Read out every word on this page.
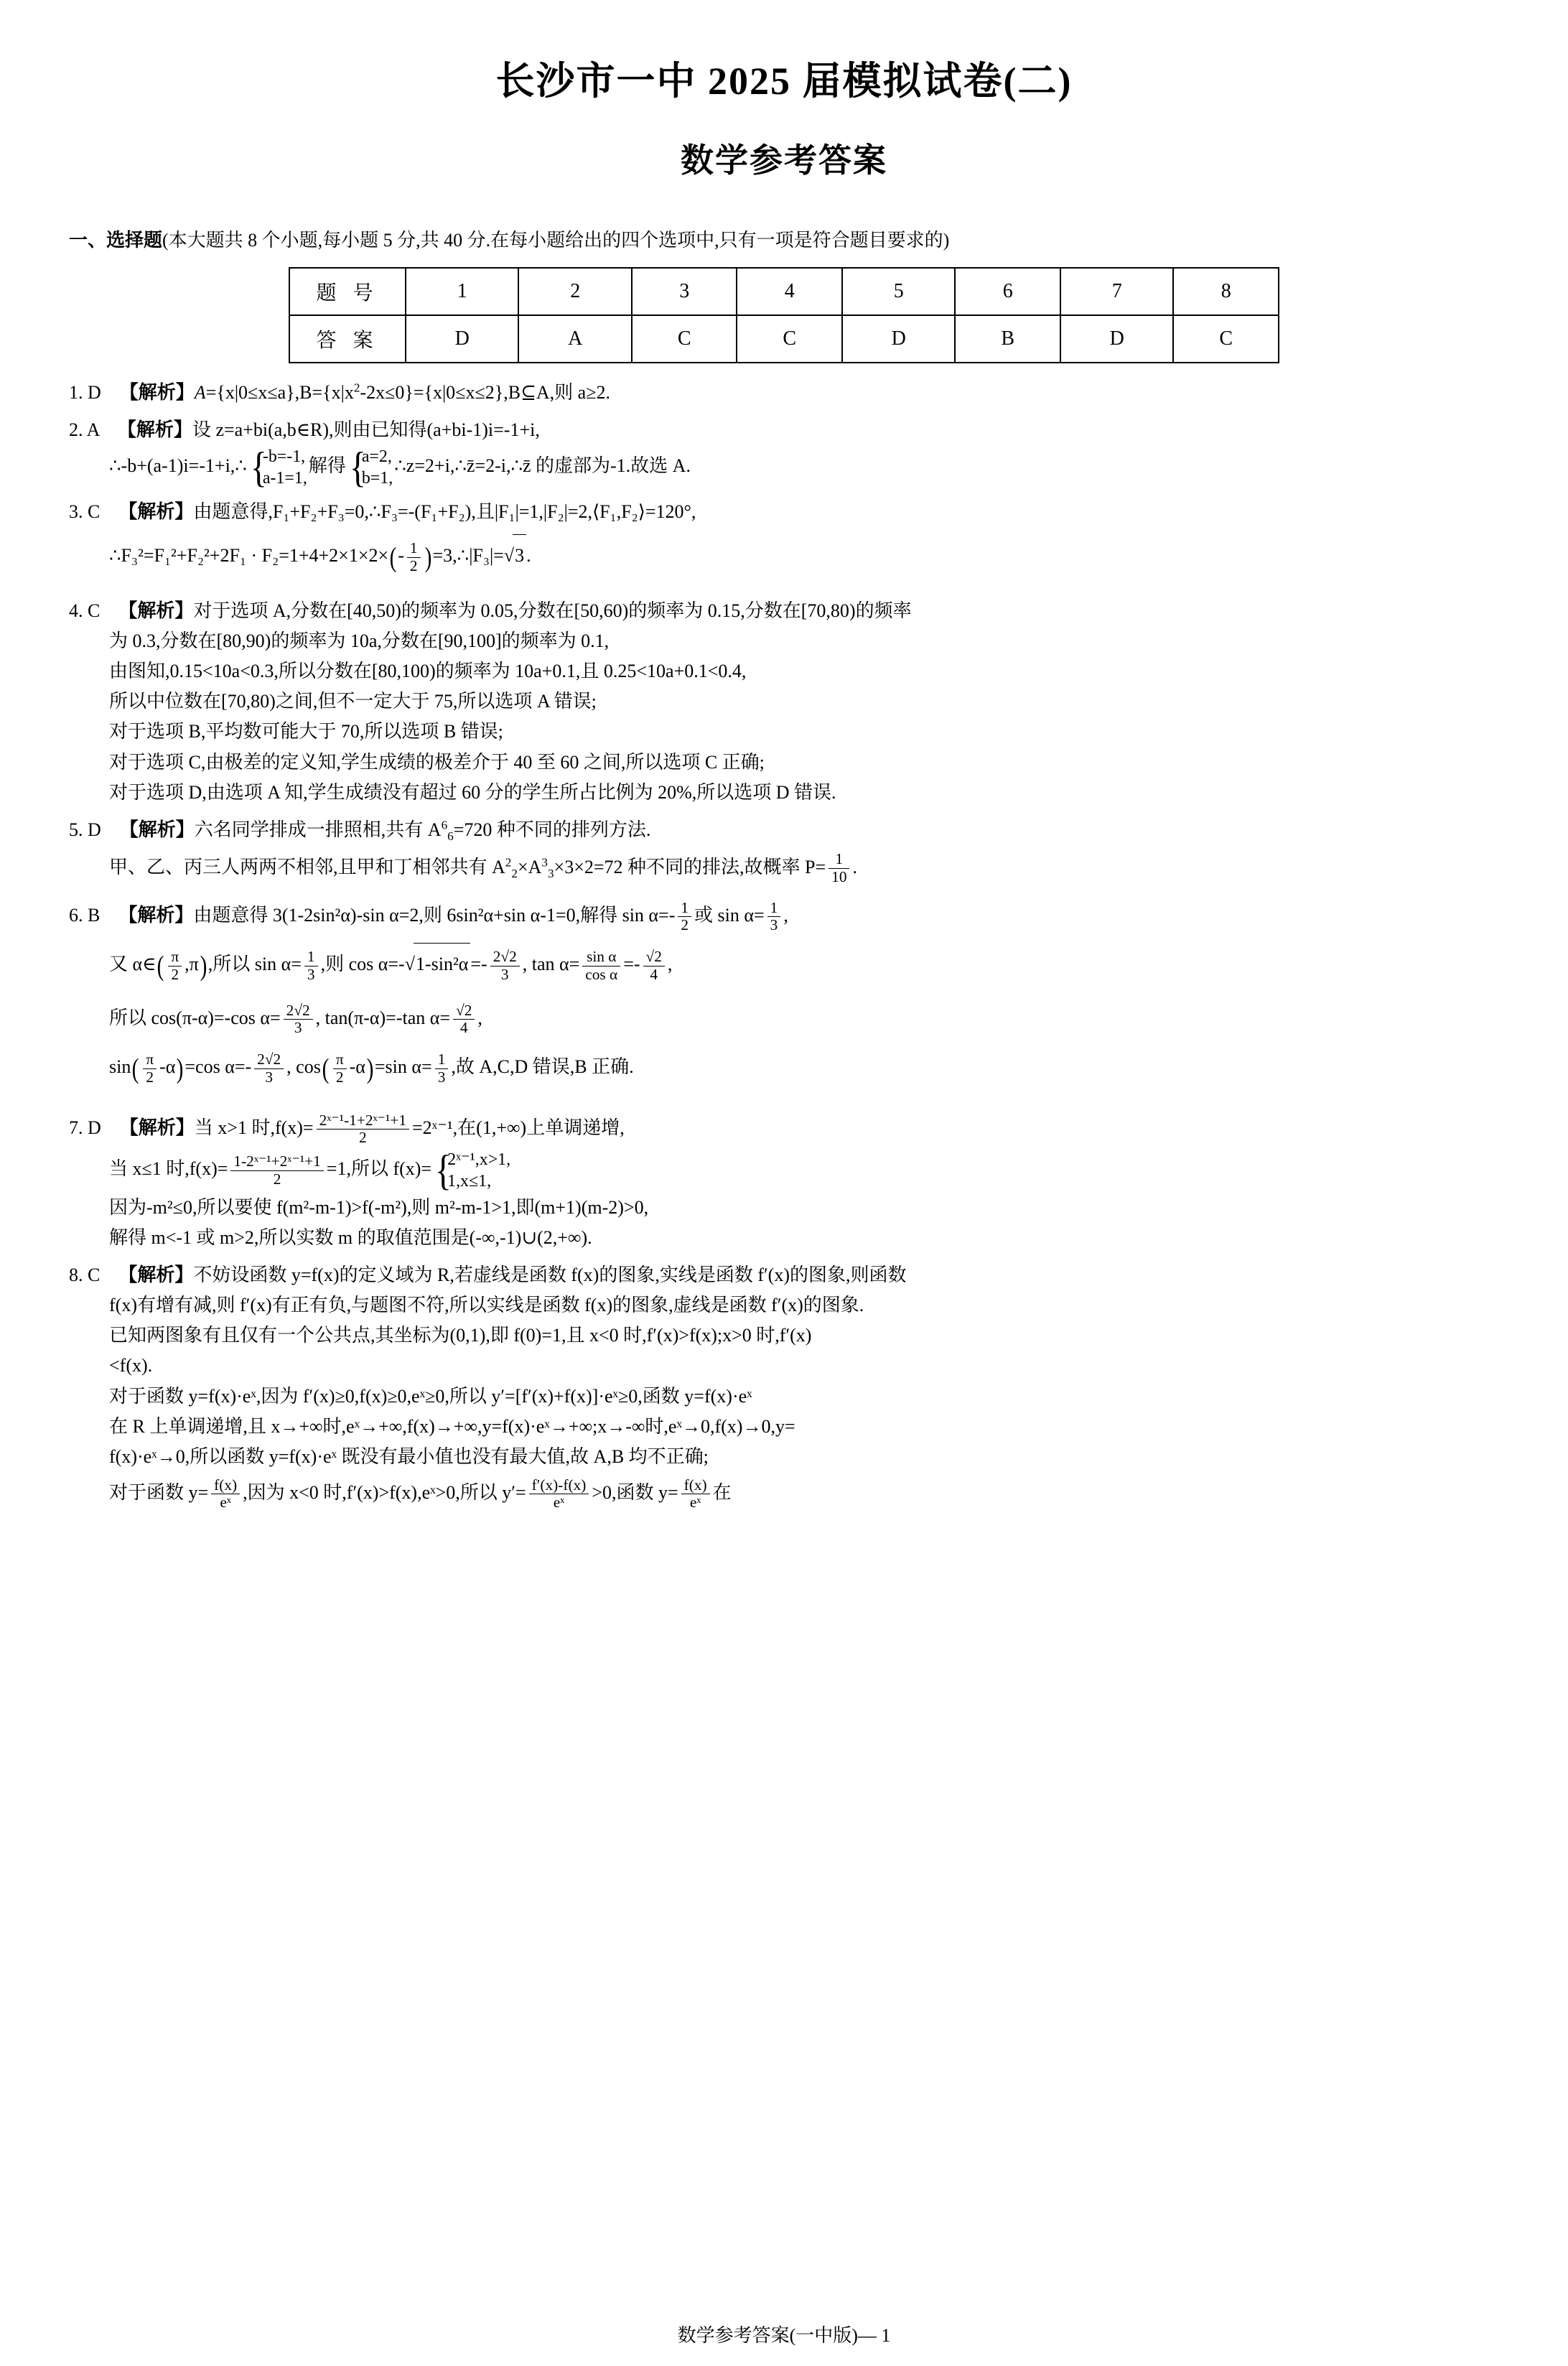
长沙市一中 2025 届模拟试卷(二)
数学参考答案
一、选择题(本大题共 8 个小题,每小题 5 分,共 40 分.在每小题给出的四个选项中,只有一项是符合题目要求的)
题 号	1	2	3	4	5	6	7	8
答 案	D	A	C	C	D	B	D	C
1. D 【解析】$A=\{x|0\le x\le a\},B=\{x|x^2-2x\le 0\}=\{x|0\le x\le 2\},B⊆A$,则 a≥2.
2. A 【解析】设 z=a+bi(a,b∈R),则由已知得(a+bi-1)i=-1+i,
∴-b+(a-1)i=-1+i,∴ { -b=-1,
a-1=1,解得 { a=2,
b=1,∴z=2+i,∴z̄=2-i,∴z̄ 的虚部为-1.故选 A.
3. C 【解析】由题意得,F₁+F₂+F₃=0,∴F₃=-(F₁+F₂),且|F₁|=1,|F₂|=2,⟨F₁,F₂⟩=120°,
∴F₃²=F₁²+F₂²+2F₁ · $F_2=1+4+2\times 1\times 2\times(- \frac{1}{2}$ )=3,∴|F₃|=√3 .
4. C 【解析】对于选项 A,分数在[40,50)的频率为 0.05,分数在[50,60)的频率为 0.15,分数在[70,80)的频率
为 0.3,分数在[80,90)的频率为 10a,分数在[90,100]的频率为 0.1,
由图知,0.15<10a<0.3,所以分数在[80,100)的频率为 10a+0.1,且 0.25<10a+0.1<0.4,
所以中位数在[70,80)之间,但不一定大于 75,所以选项 A 错误;
对于选项 B,平均数可能大于 70,所以选项 B 错误;
对于选项 C,由极差的定义知,学生成绩的极差介于 40 至 60 之间,所以选项 C 正确;
对于选项 D,由选项 A 知,学生成绩没有超过 60 分的学生所占比例为 20%,所以选项 D 错误.
5. D 【解析】六名同学排成一排照相,共有 $A^6_6=720$ 种不同的排列方法.
甲、乙、丙三人两两不相邻,且甲和丁相邻共有 $A^2_2\times A^3_3\times 3\times 2=72$ 种不同的排法,故概率 $P= \frac{1}{10}$ .
6. B 【解析】由题意得 3(1-2sin²α)-sin α=2,则 6sin²α+sin α-1=0,解得 $\sin \alpha=- \frac{1}{2}$ 或 $\sin \alpha= \frac{1}{3}$ ,
又 α∈( $\frac{\pi}{2} ,\pi$),所以 $\sin \alpha= \frac{1}{3}$ ,则 $\cos \alpha=-√1-\sin^2\alpha =- \frac{2√2}{3}$ , $\tan \alpha= \frac{\text{sin α}}{\text{cos α}} =- \frac{√2}{4}$ ,
所以 cos(π-α)=-cos $\alpha= \frac{2√2}{3}$ , tan(π-α)=-tan $\alpha= \frac{√2}{4}$ ,
$\sin( \frac{\pi}{2} -\alpha)=\cos$ $\alpha=- \frac{2√2}{3}$ , $\cos( \frac{\pi}{2} -\alpha)=\sin$ $\alpha= \frac{1}{3}$ ,故 A,C,D 错误,B 正确.
7. D 【解析】当 x>1 时$,f(x)= \frac{\text{2ˣ⁻¹-1+2ˣ⁻¹+1}}{2}$ =2ˣ⁻¹,在(1,+∞)上单调递增,
当 x≤1 时$,f(x)= \frac{\text{1-2ˣ⁻¹+2ˣ⁻¹+1}}{2} =1$,所以 f(x)= { 2ˣ⁻¹,x>1,
1,x≤1,
因为-m²≤0,所以要使 f(m²-m-1)>f(-m²),则 m²-m-1>1,即(m+1)(m-2)>0,
解得 m<-1 或 m>2,所以实数 m 的取值范围是(-∞,-1)∪(2,+∞).
8. C 【解析】不妨设函数 y=f(x)的定义域为 R,若虚线是函数 f(x)的图象,实线是函数 f′(x)的图象,则函数
f(x)有增有减,则 f′(x)有正有负,与题图不符,所以实线是函数 f(x)的图象,虚线是函数 f′(x)的图象.
已知两图象有且仅有一个公共点,其坐标为(0,1),即 f(0)=1,且 x<0 时,f′(x)>f(x);x>0 时,f′(x)
<f(x).
对于函数 y=f(x)·eˣ,因为 f′(x)≥0,f(x)≥0,eˣ≥0,所以 y′=[f′(x)+f(x)]·eˣ≥0,函数 y=f(x)·eˣ
在 R 上单调递增,且 x→+∞时,eˣ→+∞,f(x)→+∞,y=f(x)·eˣ→+∞;x→-∞时,eˣ→0,f(x)→0,y=
f(x)·eˣ→0,所以函数 y=f(x)·eˣ 既没有最小值也没有最大值,故 A,B 均不正确;
对于函数 $y= \frac{f(x)}{\text{eˣ}}$ ,因为 x<0 时,f′(x)>f(x),eˣ>0,所以 $y'= \frac{f'(x)-f(x)}{\text{eˣ}} >0$,函数 $y= \frac{f(x)}{\text{eˣ}}$ 在
数学参考答案(一中版)— 1
